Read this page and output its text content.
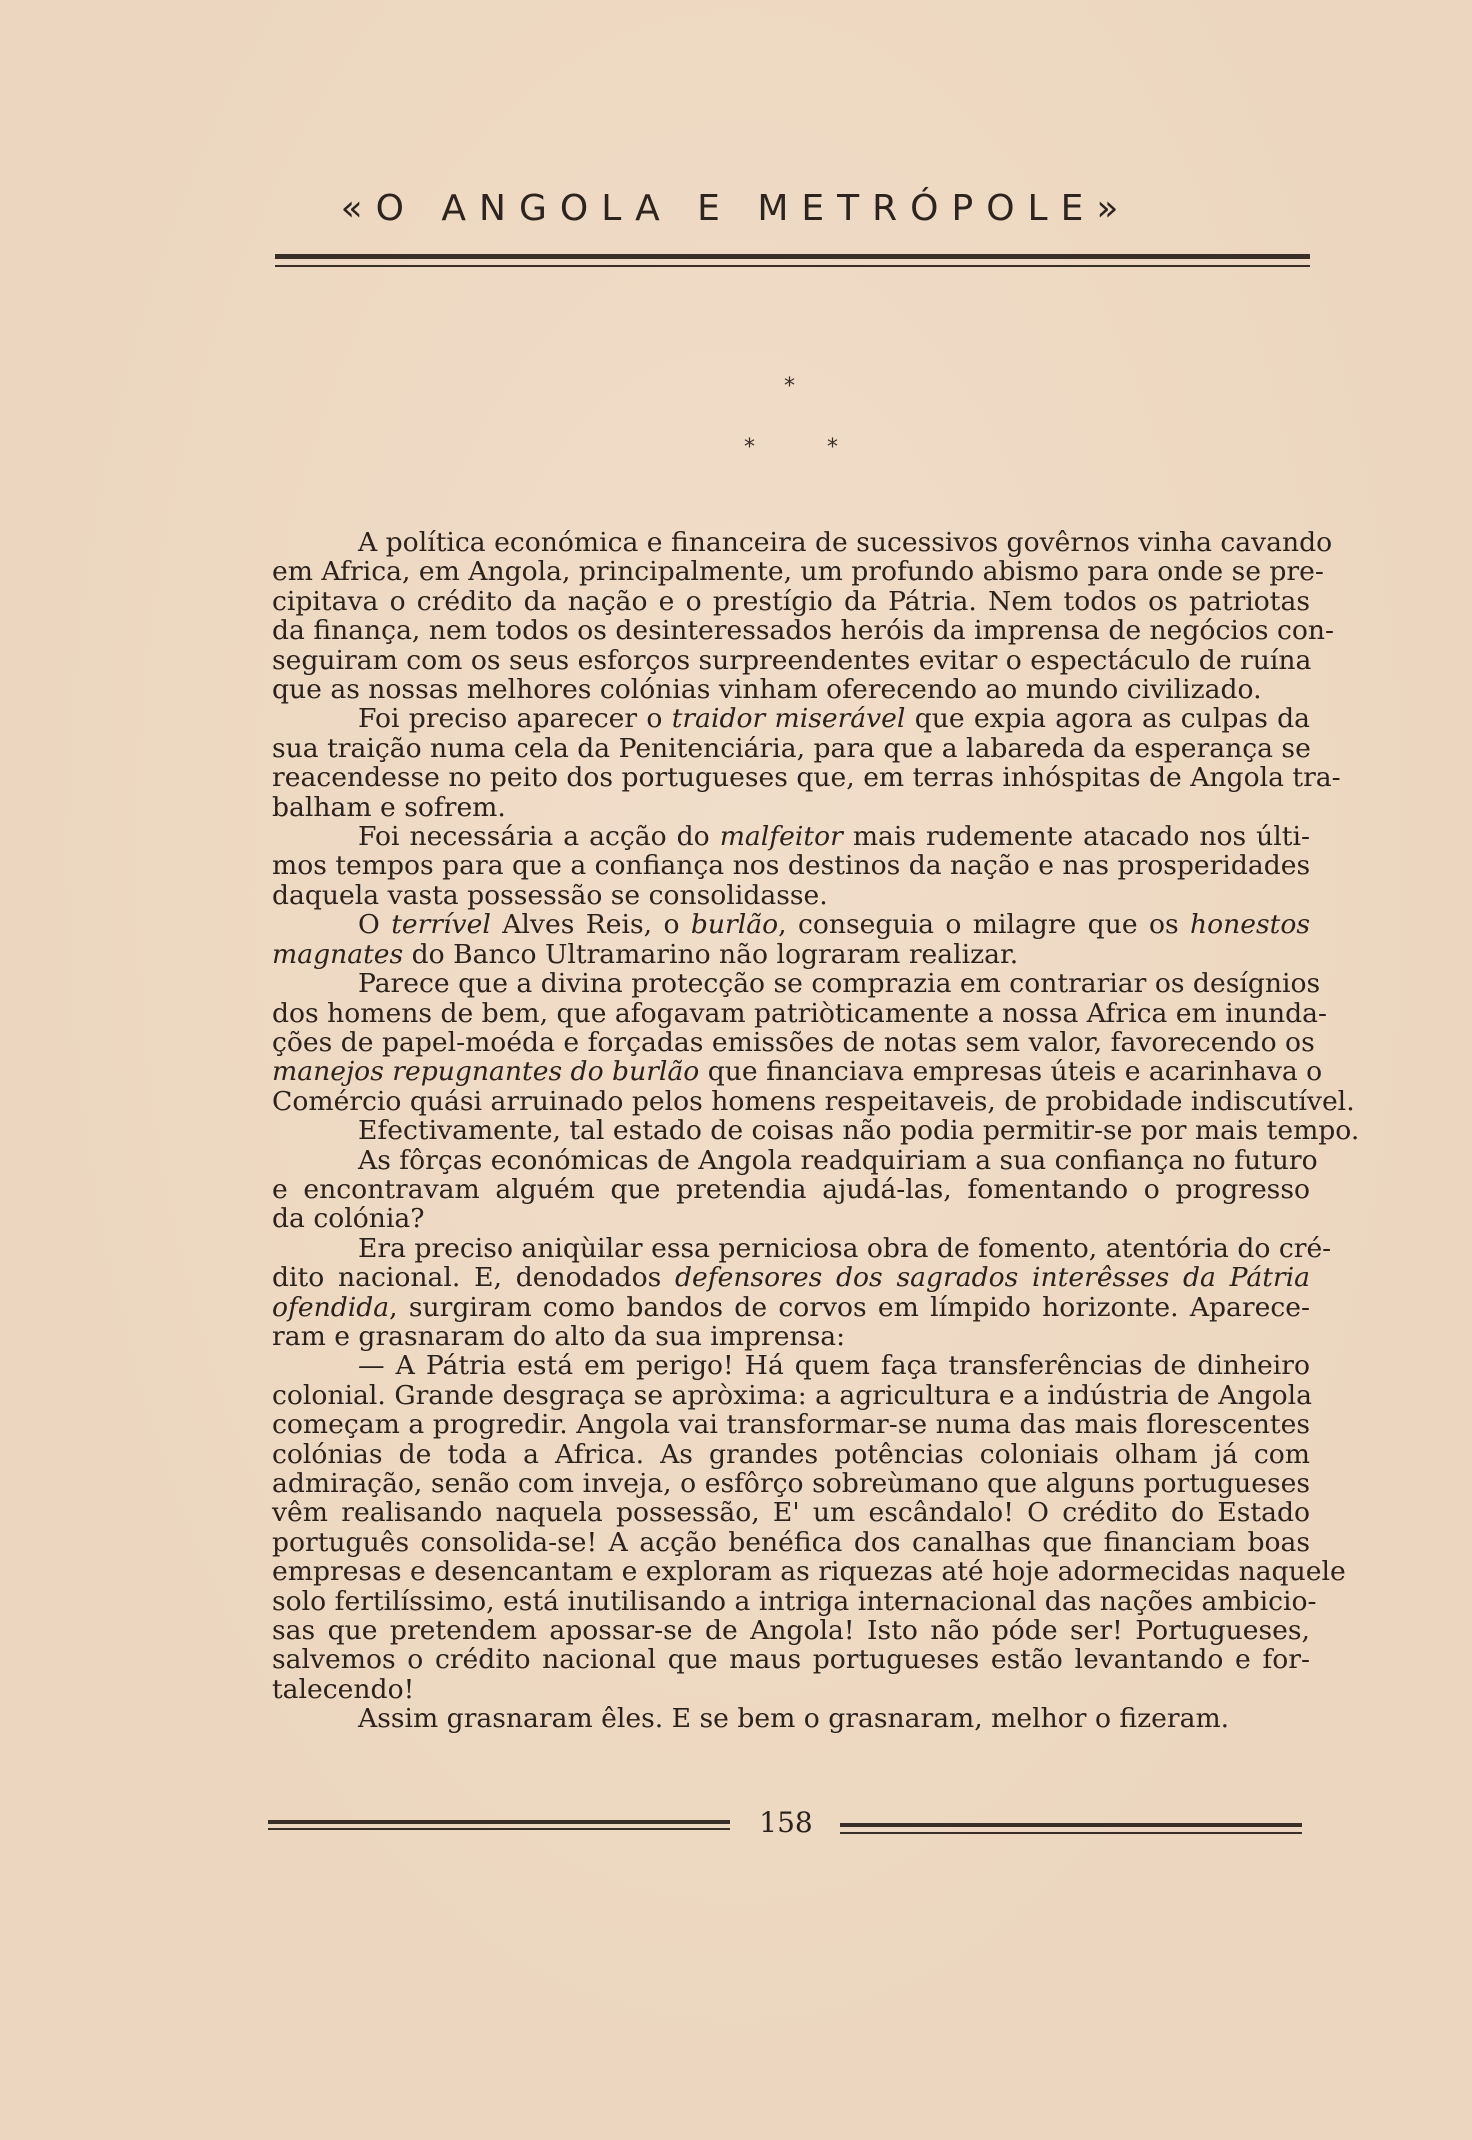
«O ANGOLA E METRÓPOLE»
*
*	*

A política económica e financeira de sucessivos govêrnos vinha cavando
em Africa, em Angola, principalmente, um profundo abismo para onde se pre-
cipitava o crédito da nação e o prestígio da Pátria. Nem todos os patriotas
da finança, nem todos os desinteressados heróis da imprensa de negócios con-
seguiram com os seus esforços surpreendentes evitar o espectáculo de ruína
que as nossas melhores colónias vinham oferecendo ao mundo civilizado.

Foi preciso aparecer o traidor miserável que expia agora as culpas da
sua traição numa cela da Penitenciária, para que a labareda da esperança se
reacendesse no peito dos portugueses que, em terras inhóspitas de Angola tra-
balham e sofrem.

Foi necessária a acção do malfeitor mais rudemente atacado nos últi-
mos tempos para que a confiança nos destinos da nação e nas prosperidades
daquela vasta possessão se consolidasse.

O terrível Alves Reis, o burlão, conseguia o milagre que os honestos
magnates do Banco Ultramarino não lograram realizar.

Parece que a divina protecção se comprazia em contrariar os desígnios
dos homens de bem, que afogavam patriòticamente a nossa Africa em inunda-
ções de papel-moéda e forçadas emissões de notas sem valor, favorecendo os
manejos repugnantes do burlão que financiava empresas úteis e acarinhava o
Comércio quási arruinado pelos homens respeitaveis, de probidade indiscutível.

Efectivamente, tal estado de coisas não podia permitir-se por mais tempo.

As fôrças económicas de Angola readquiriam a sua confiança no futuro
e encontravam alguém que pretendia ajudá-las, fomentando o progresso
da colónia?

Era preciso aniqùilar essa perniciosa obra de fomento, atentória do cré-
dito nacional. E, denodados defensores dos sagrados interêsses da Pátria
ofendida, surgiram como bandos de corvos em límpido horizonte. Aparece-
ram e grasnaram do alto da sua imprensa:

— A Pátria está em perigo! Há quem faça transferências de dinheiro
colonial. Grande desgraça se apròxima: a agricultura e a indústria de Angola
começam a progredir. Angola vai transformar-se numa das mais florescentes
colónias de toda a Africa. As grandes potências coloniais olham já com
admiração, senão com inveja, o esfôrço sobreùmano que alguns portugueses
vêm realisando naquela possessão, E' um escândalo! O crédito do Estado
português consolida-se! A acção benéfica dos canalhas que financiam boas
empresas e desencantam e exploram as riquezas até hoje adormecidas naquele
solo fertilíssimo, está inutilisando a intriga internacional das nações ambicio-
sas que pretendem apossar-se de Angola! Isto não póde ser! Portugueses,
salvemos o crédito nacional que maus portugueses estão levantando e for-
talecendo!

Assim grasnaram êles. E se bem o grasnaram, melhor o fizeram.

158
